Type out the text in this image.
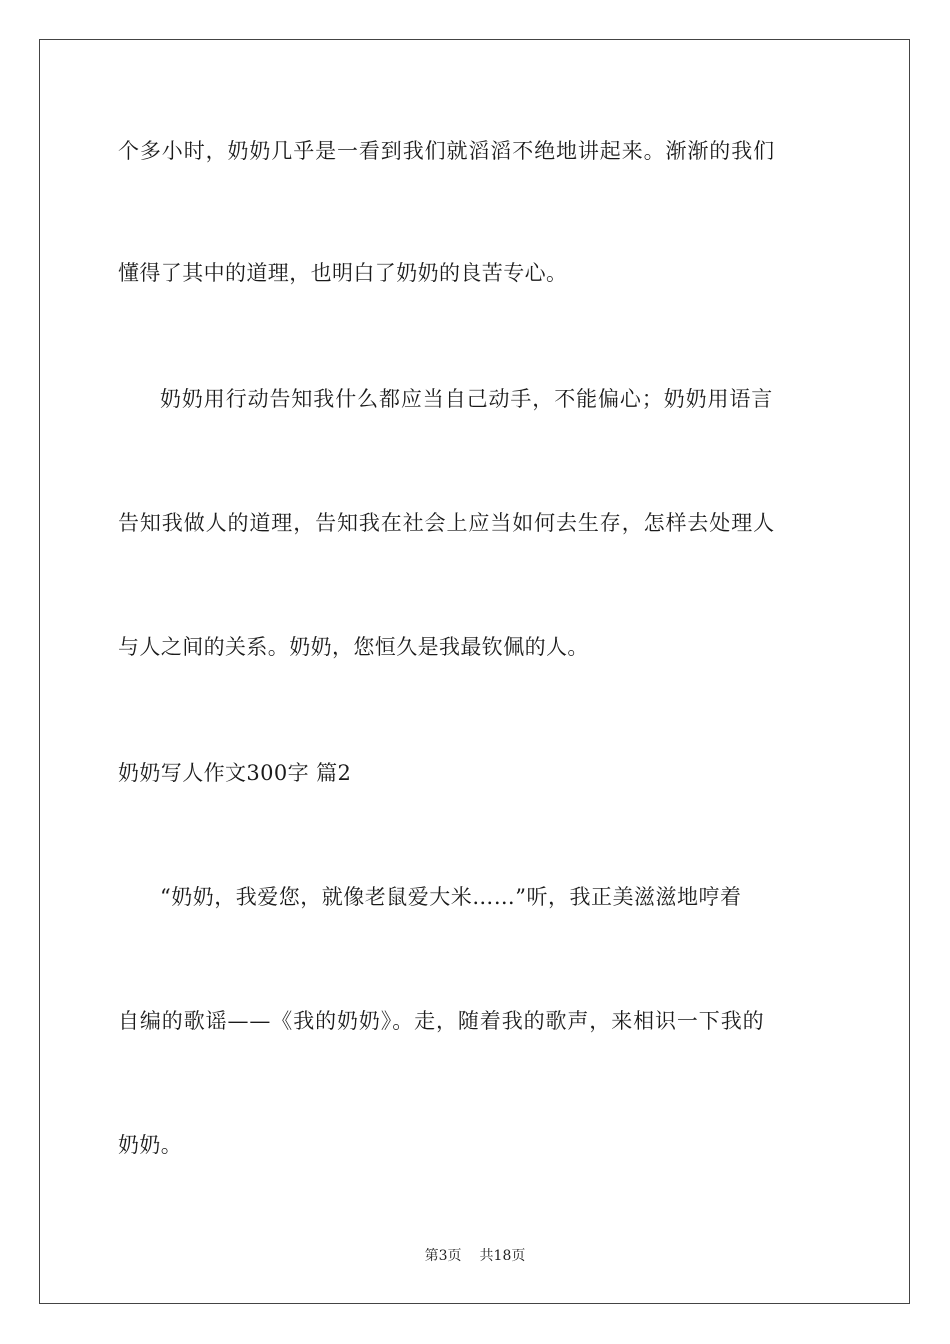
个多小时，奶奶几乎是一看到我们就滔滔不绝地讲起来。渐渐的我们
懂得了其中的道理，也明白了奶奶的良苦专心。
奶奶用行动告知我什么都应当自己动手，不能偏心；奶奶用语言
告知我做人的道理，告知我在社会上应当如何去生存，怎样去处理人
与人之间的关系。奶奶，您恒久是我最钦佩的人。
奶奶写人作文300字 篇2
“奶奶，我爱您，就像老鼠爱大米……”听，我正美滋滋地哼着
自编的歌谣——《我的奶奶》。走，随着我的歌声，来相识一下我的
奶奶。
第3页 共18页
